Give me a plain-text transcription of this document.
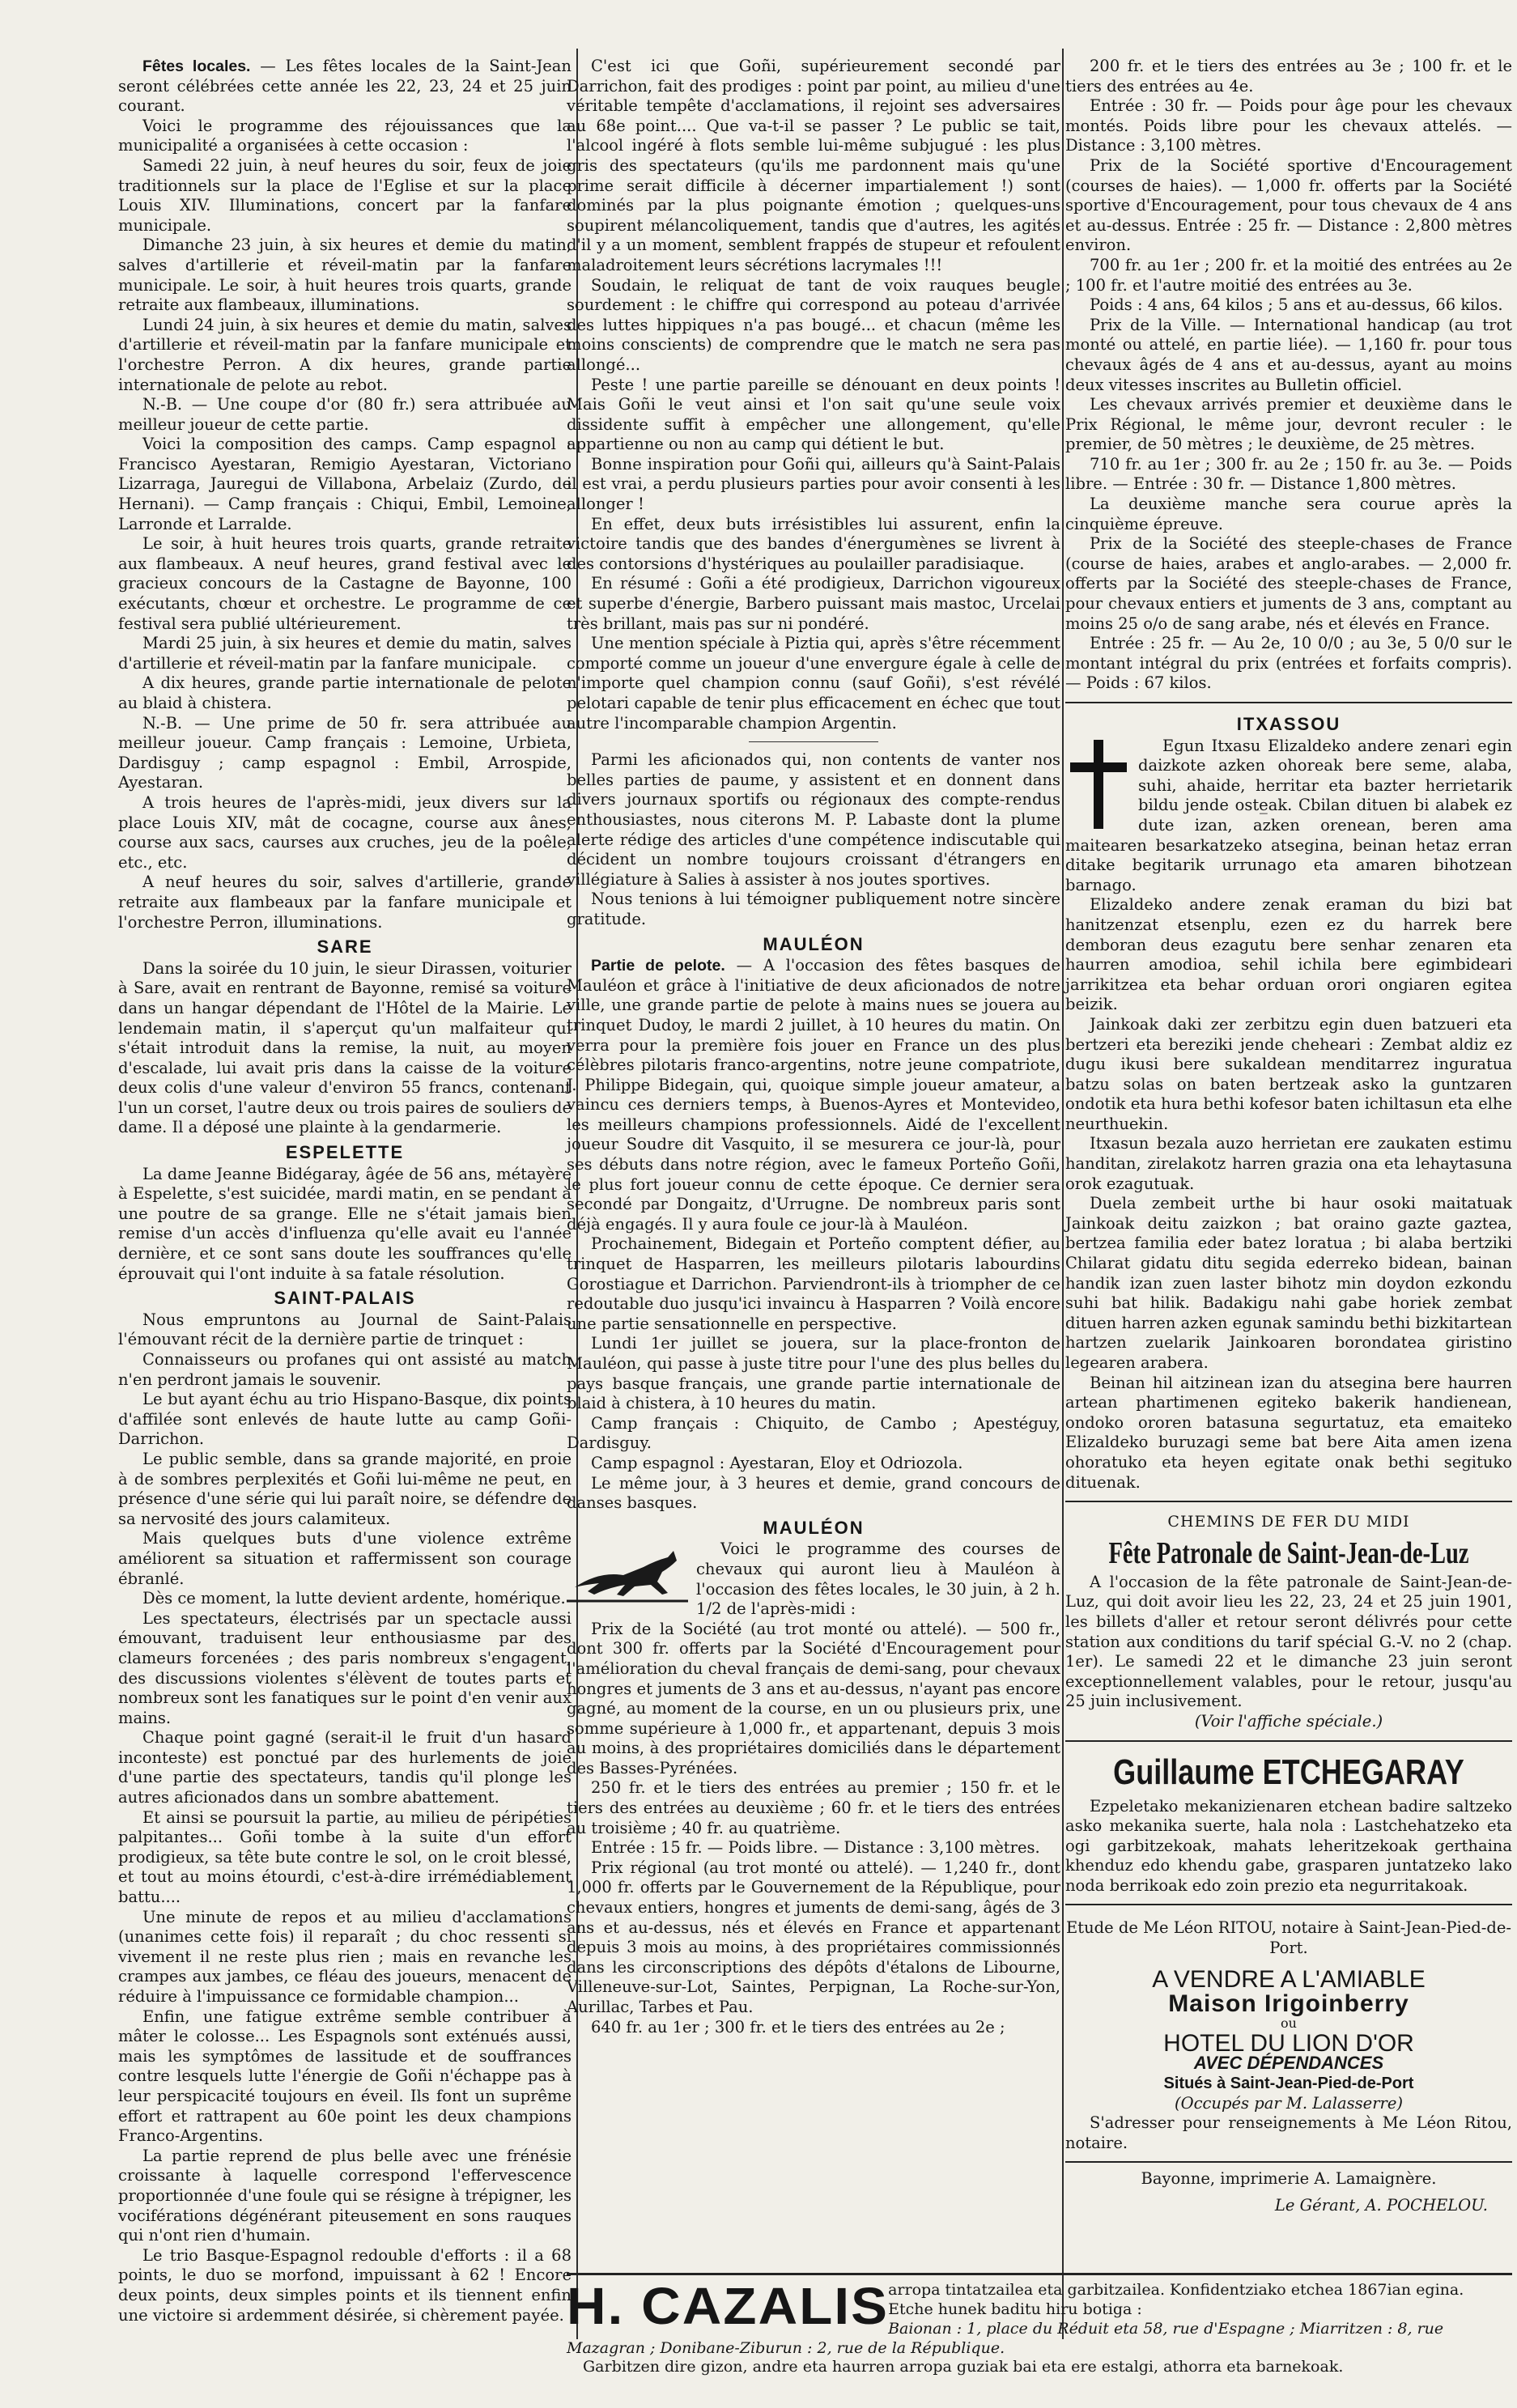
Fêtes locales. — Les fêtes locales de la Saint-Jean seront célébrées cette année les 22, 23, 24 et 25 juin courant.

Voici le programme des réjouissances que la municipalité a organisées à cette occasion :

Samedi 22 juin, à neuf heures du soir, feux de joie traditionnels sur la place de l'Eglise et sur la place Louis XIV. Illuminations, concert par la fanfare municipale.

Dimanche 23 juin, à six heures et demie du matin, salves d'artillerie et réveil-matin par la fanfare municipale. Le soir, à huit heures trois quarts, grande retraite aux flambeaux, illuminations.

Lundi 24 juin, à six heures et demie du matin, salves d'artillerie et réveil-matin par la fanfare municipale et l'orchestre Perron. A dix heures, grande partie internationale de pelote au rebot.

N.-B. — Une coupe d'or (80 fr.) sera attribuée au meilleur joueur de cette partie.

Voici la composition des camps. Camp espagnol : Francisco Ayestaran, Remigio Ayestaran, Victoriano Lizarraga, Jauregui de Villabona, Arbelaiz (Zurdo, de Hernani). — Camp français : Chiqui, Embil, Lemoine, Larronde et Larralde.

Le soir, à huit heures trois quarts, grande retraite aux flambeaux. A neuf heures, grand festival avec le gracieux concours de la Castagne de Bayonne, 100 exécutants, chœur et orchestre. Le programme de ce festival sera publié ultérieurement.

Mardi 25 juin, à six heures et demie du matin, salves d'artillerie et réveil-matin par la fanfare municipale.

A dix heures, grande partie internationale de pelote au blaid à chistera.

N.-B. — Une prime de 50 fr. sera attribuée au meilleur joueur. Camp français : Lemoine, Urbieta, Dardisguy ; camp espagnol : Embil, Arrospide, Ayestaran.

A trois heures de l'après-midi, jeux divers sur la place Louis XIV, mât de cocagne, course aux ânes, course aux sacs, caurses aux cruches, jeu de la poêle, etc., etc.

A neuf heures du soir, salves d'artillerie, grande retraite aux flambeaux par la fanfare municipale et l'orchestre Perron, illuminations.

SARE

Dans la soirée du 10 juin, le sieur Dirassen, voiturier à Sare, avait en rentrant de Bayonne, remisé sa voiture dans un hangar dépendant de l'Hôtel de la Mairie. Le lendemain matin, il s'aperçut qu'un malfaiteur qui s'était introduit dans la remise, la nuit, au moyen d'escalade, lui avait pris dans la caisse de la voiture deux colis d'une valeur d'environ 55 francs, contenant l'un un corset, l'autre deux ou trois paires de souliers de dame. Il a déposé une plainte à la gendarmerie.

ESPELETTE

La dame Jeanne Bidégaray, âgée de 56 ans, métayère à Espelette, s'est suicidée, mardi matin, en se pendant à une poutre de sa grange. Elle ne s'était jamais bien remise d'un accès d'influenza qu'elle avait eu l'année dernière, et ce sont sans doute les souffrances qu'elle éprouvait qui l'ont induite à sa fatale résolution.

SAINT-PALAIS

Nous empruntons au Journal de Saint-Palais l'émouvant récit de la dernière partie de trinquet :

Connaisseurs ou profanes qui ont assisté au match n'en perdront jamais le souvenir.

Le but ayant échu au trio Hispano-Basque, dix points d'affilée sont enlevés de haute lutte au camp Goñi-Darrichon.

Le public semble, dans sa grande majorité, en proie à de sombres perplexités et Goñi lui-même ne peut, en présence d'une série qui lui paraît noire, se défendre de sa nervosité des jours calamiteux.

Mais quelques buts d'une violence extrême améliorent sa situation et raffermissent son courage ébranlé.

Dès ce moment, la lutte devient ardente, homérique.

Les spectateurs, électrisés par un spectacle aussi émouvant, traduisent leur enthousiasme par des clameurs forcenées ; des paris nombreux s'engagent, des discussions violentes s'élèvent de toutes parts et nombreux sont les fanatiques sur le point d'en venir aux mains.

Chaque point gagné (serait-il le fruit d'un hasard inconteste) est ponctué par des hurlements de joie d'une partie des spectateurs, tandis qu'il plonge les autres aficionados dans un sombre abattement.

Et ainsi se poursuit la partie, au milieu de péripéties palpitantes... Goñi tombe à la suite d'un effort prodigieux, sa tête bute contre le sol, on le croit blessé, et tout au moins étourdi, c'est-à-dire irrémédiablement battu....

Une minute de repos et au milieu d'acclamations (unanimes cette fois) il reparaît ; du choc ressenti si vivement il ne reste plus rien ; mais en revanche les crampes aux jambes, ce fléau des joueurs, menacent de réduire à l'impuissance ce formidable champion...

Enfin, une fatigue extrême semble contribuer à mâter le colosse... Les Espagnols sont exténués aussi, mais les symptômes de lassitude et de souffrances contre lesquels lutte l'énergie de Goñi n'échappe pas à leur perspicacité toujours en éveil. Ils font un suprême effort et rattrapent au 60e point les deux champions Franco-Argentins.

La partie reprend de plus belle avec une frénésie croissante à laquelle correspond l'effervescence proportionnée d'une foule qui se résigne à trépigner, les vociférations dégénérant piteusement en sons rauques qui n'ont rien d'humain.

Le trio Basque-Espagnol redouble d'efforts : il a 68 points, le duo se morfond, impuissant à 62 ! Encore deux points, deux simples points et ils tiennent enfin une victoire si ardemment désirée, si chèrement payée.

C'est ici que Goñi, supérieurement secondé par Darrichon, fait des prodiges : point par point, au milieu d'une véritable tempête d'acclamations, il rejoint ses adversaires au 68e point.... Que va-t-il se passer ? Le public se tait, l'alcool ingéré à flots semble lui-même subjugué : les plus gris des spectateurs (qu'ils me pardonnent mais qu'une prime serait difficile à décerner impartialement !) sont dominés par la plus poignante émotion ; quelques-uns soupirent mélancoliquement, tandis que d'autres, les agités d'il y a un moment, semblent frappés de stupeur et refoulent maladroitement leurs sécrétions lacrymales !!!

Soudain, le reliquat de tant de voix rauques beugle sourdement : le chiffre qui correspond au poteau d'arrivée des luttes hippiques n'a pas bougé... et chacun (même les moins conscients) de comprendre que le match ne sera pas allongé...

Peste ! une partie pareille se dénouant en deux points ! Mais Goñi le veut ainsi et l'on sait qu'une seule voix dissidente suffit à empêcher une allongement, qu'elle appartienne ou non au camp qui détient le but.

Bonne inspiration pour Goñi qui, ailleurs qu'à Saint-Palais il est vrai, a perdu plusieurs parties pour avoir consenti à les allonger !

En effet, deux buts irrésistibles lui assurent, enfin la victoire tandis que des bandes d'énergumènes se livrent à des contorsions d'hystériques au poulailler paradisiaque.

En résumé : Goñi a été prodigieux, Darrichon vigoureux et superbe d'énergie, Barbero puissant mais mastoc, Urcelai très brillant, mais pas sur ni pondéré.

Une mention spéciale à Piztia qui, après s'être récemment comporté comme un joueur d'une envergure égale à celle de n'importe quel champion connu (sauf Goñi), s'est révélé pelotari capable de tenir plus efficacement en échec que tout autre l'incomparable champion Argentin.

Parmi les aficionados qui, non contents de vanter nos belles parties de paume, y assistent et en donnent dans divers journaux sportifs ou régionaux des compte-rendus enthousiastes, nous citerons M. P. Labaste dont la plume alerte rédige des articles d'une compétence indiscutable qui décident un nombre toujours croissant d'étrangers en villégiature à Salies à assister à nos joutes sportives.

Nous tenions à lui témoigner publiquement notre sincère gratitude.

MAULÉON

Partie de pelote. — A l'occasion des fêtes basques de Mauléon et grâce à l'initiative de deux aficionados de notre ville, une grande partie de pelote à mains nues se jouera au trinquet Dudoy, le mardi 2 juillet, à 10 heures du matin. On verra pour la première fois jouer en France un des plus célèbres pilotaris franco-argentins, notre jeune compatriote, J. Philippe Bidegain, qui, quoique simple joueur amateur, a vaincu ces derniers temps, à Buenos-Ayres et Montevideo, les meilleurs champions professionnels. Aidé de l'excellent joueur Soudre dit Vasquito, il se mesurera ce jour-là, pour ses débuts dans notre région, avec le fameux Porteño Goñi, le plus fort joueur connu de cette époque. Ce dernier sera secondé par Dongaitz, d'Urrugne. De nombreux paris sont déjà engagés. Il y aura foule ce jour-là à Mauléon.

Prochainement, Bidegain et Porteño comptent défier, au trinquet de Hasparren, les meilleurs pilotaris labourdins Gorostiague et Darrichon. Parviendront-ils à triompher de ce redoutable duo jusqu'ici invaincu à Hasparren ? Voilà encore une partie sensationnelle en perspective.

Lundi 1er juillet se jouera, sur la place-fronton de Mauléon, qui passe à juste titre pour l'une des plus belles du pays basque français, une grande partie internationale de blaid à chistera, à 10 heures du matin.

Camp français : Chiquito, de Cambo ; Apestéguy, Dardisguy.

Camp espagnol : Ayestaran, Eloy et Odriozola.

Le même jour, à 3 heures et demie, grand concours de danses basques.

MAULÉON

Voici le programme des courses de chevaux qui auront lieu à Mauléon à l'occasion des fêtes locales, le 30 juin, à 2 h. 1/2 de l'après-midi :

Prix de la Société (au trot monté ou attelé). — 500 fr., dont 300 fr. offerts par la Société d'Encouragement pour l'amélioration du cheval français de demi-sang, pour chevaux hongres et juments de 3 ans et au-dessus, n'ayant pas encore gagné, au moment de la course, en un ou plusieurs prix, une somme supérieure à 1,000 fr., et appartenant, depuis 3 mois au moins, à des propriétaires domiciliés dans le département des Basses-Pyrénées.

250 fr. et le tiers des entrées au premier ; 150 fr. et le tiers des entrées au deuxième ; 60 fr. et le tiers des entrées au troisième ; 40 fr. au quatrième.

Entrée : 15 fr. — Poids libre. — Distance : 3,100 mètres.

Prix régional (au trot monté ou attelé). — 1,240 fr., dont 1,000 fr. offerts par le Gouvernement de la République, pour chevaux entiers, hongres et juments de demi-sang, âgés de 3 ans et au-dessus, nés et élevés en France et appartenant depuis 3 mois au moins, à des propriétaires commissionnés dans les circonscriptions des dépôts d'étalons de Libourne, Villeneuve-sur-Lot, Saintes, Perpignan, La Roche-sur-Yon, Aurillac, Tarbes et Pau.

640 fr. au 1er ; 300 fr. et le tiers des entrées au 2e ;

200 fr. et le tiers des entrées au 3e ; 100 fr. et le tiers des entrées au 4e.

Entrée : 30 fr. — Poids pour âge pour les chevaux montés. Poids libre pour les chevaux attelés. — Distance : 3,100 mètres.

Prix de la Société sportive d'Encouragement (courses de haies). — 1,000 fr. offerts par la Société sportive d'Encouragement, pour tous chevaux de 4 ans et au-dessus. Entrée : 25 fr. — Distance : 2,800 mètres environ.

700 fr. au 1er ; 200 fr. et la moitié des entrées au 2e ; 100 fr. et l'autre moitié des entrées au 3e.

Poids : 4 ans, 64 kilos ; 5 ans et au-dessus, 66 kilos.

Prix de la Ville. — International handicap (au trot monté ou attelé, en partie liée). — 1,160 fr. pour tous chevaux âgés de 4 ans et au-dessus, ayant au moins deux vitesses inscrites au Bulletin officiel.

Les chevaux arrivés premier et deuxième dans le Prix Régional, le même jour, devront reculer : le premier, de 50 mètres ; le deuxième, de 25 mètres.

710 fr. au 1er ; 300 fr. au 2e ; 150 fr. au 3e. — Poids libre. — Entrée : 30 fr. — Distance 1,800 mètres.

La deuxième manche sera courue après la cinquième épreuve.

Prix de la Société des steeple-chases de France (course de haies, arabes et anglo-arabes. — 2,000 fr. offerts par la Société des steeple-chases de France, pour chevaux entiers et juments de 3 ans, comptant au moins 25 o/o de sang arabe, nés et élevés en France.

Entrée : 25 fr. — Au 2e, 10 0/0 ; au 3e, 5 0/0 sur le montant intégral du prix (entrées et forfaits compris). — Poids : 67 kilos.

ITXASSOU

Egun Itxasu Elizaldeko andere zenari egin daizkote azken ohoreak bere seme, alaba, suhi, ahaide, herritar eta bazter herrietarik bildu jende oste̲ak. Cbilan dituen bi alabek ez dute izan, azken orenean, beren ama maitearen besarkatzeko atsegina, beinan hetaz erran ditake begitarik urrunago eta amaren bihotzean barnago.

Elizaldeko andere zenak eraman du bizi bat hanitzenzat etsenplu, ezen ez du harrek bere demboran deus ezagutu bere senhar zenaren eta haurren amodioa, sehil ichila bere egimbideari jarrikitzea eta behar orduan orori ongiaren egitea beizik.

Jainkoak daki zer zerbitzu egin duen batzueri eta bertzeri eta bereziki jende cheheari : Zembat aldiz ez dugu ikusi bere sukaldean menditarrez inguratua batzu solas on baten bertzeak asko la guntzaren ondotik eta hura bethi kofesor baten ichiltasun eta elhe neurthuekin.

Itxasun bezala auzo herrietan ere zaukaten estimu handitan, zirelakotz harren grazia ona eta lehaytasuna orok ezagutuak.

Duela zembeit urthe bi haur osoki maitatuak Jainkoak deitu zaizkon ; bat oraino gazte gaztea, bertzea familia eder batez loratua ; bi alaba bertziki Chilarat gidatu ditu segida ederreko bidean, bainan handik izan zuen laster bihotz min doydon ezkondu suhi bat hilik. Badakigu nahi gabe horiek zembat dituen harren azken egunak samindu bethi bizkitartean hartzen zuelarik Jainkoaren borondatea giristino legearen arabera.

Beinan hil aitzinean izan du atsegina bere haurren artean phartimenen egiteko bakerik handienean, ondoko ororen batasuna segurtatuz, eta emaiteko Elizaldeko buruzagi seme bat bere Aita amen izena ohoratuko eta heyen egitate onak bethi segituko dituenak.

CHEMINS DE FER DU MIDI
Fête Patronale de Saint-Jean-de-Luz

A l'occasion de la fête patronale de Saint-Jean-de-Luz, qui doit avoir lieu les 22, 23, 24 et 25 juin 1901, les billets d'aller et retour seront délivrés pour cette station aux conditions du tarif spécial G.-V. no 2 (chap. 1er). Le samedi 22 et le dimanche 23 juin seront exceptionnellement valables, pour le retour, jusqu'au 25 juin inclusivement.

(Voir l'affiche spéciale.)
Guillaume ETCHEGARAY

Ezpeletako mekanizienaren etchean badire saltzeko asko mekanika suerte, hala nola : Lastchehatzeko eta ogi garbitzekoak, mahats leheritzekoak gerthaina khenduz edo khendu gabe, grasparen juntatzeko lako noda berrikoak edo zoin prezio eta negurritakoak.

Etude de Me Léon RITOU, notaire à Saint-Jean-Pied-de-Port.
A VENDRE A L'AMIABLE
Maison Irigoinberry
ou
HOTEL DU LION D'OR
AVEC DÉPENDANCES
Situés à Saint-Jean-Pied-de-Port
(Occupés par M. Lalasserre)

S'adresser pour renseignements à Me Léon Ritou, notaire.

Bayonne, imprimerie A. Lamaignère.
Le Gérant, A. POCHELOU.
H. CAZALIS arropa tintatzailea eta garbitzailea. Konfidentziako etchea 1867ian egina. Etche hunek baditu hiru botiga :
Baionan : 1, place du Réduit eta 58, rue d'Espagne ; Miarritzen : 8, rue Mazagran ; Donibane-Ziburun : 2, rue de la République.
Garbitzen dire gizon, andre eta haurren arropa guziak bai eta ere estalgi, athorra eta barnekoak.
